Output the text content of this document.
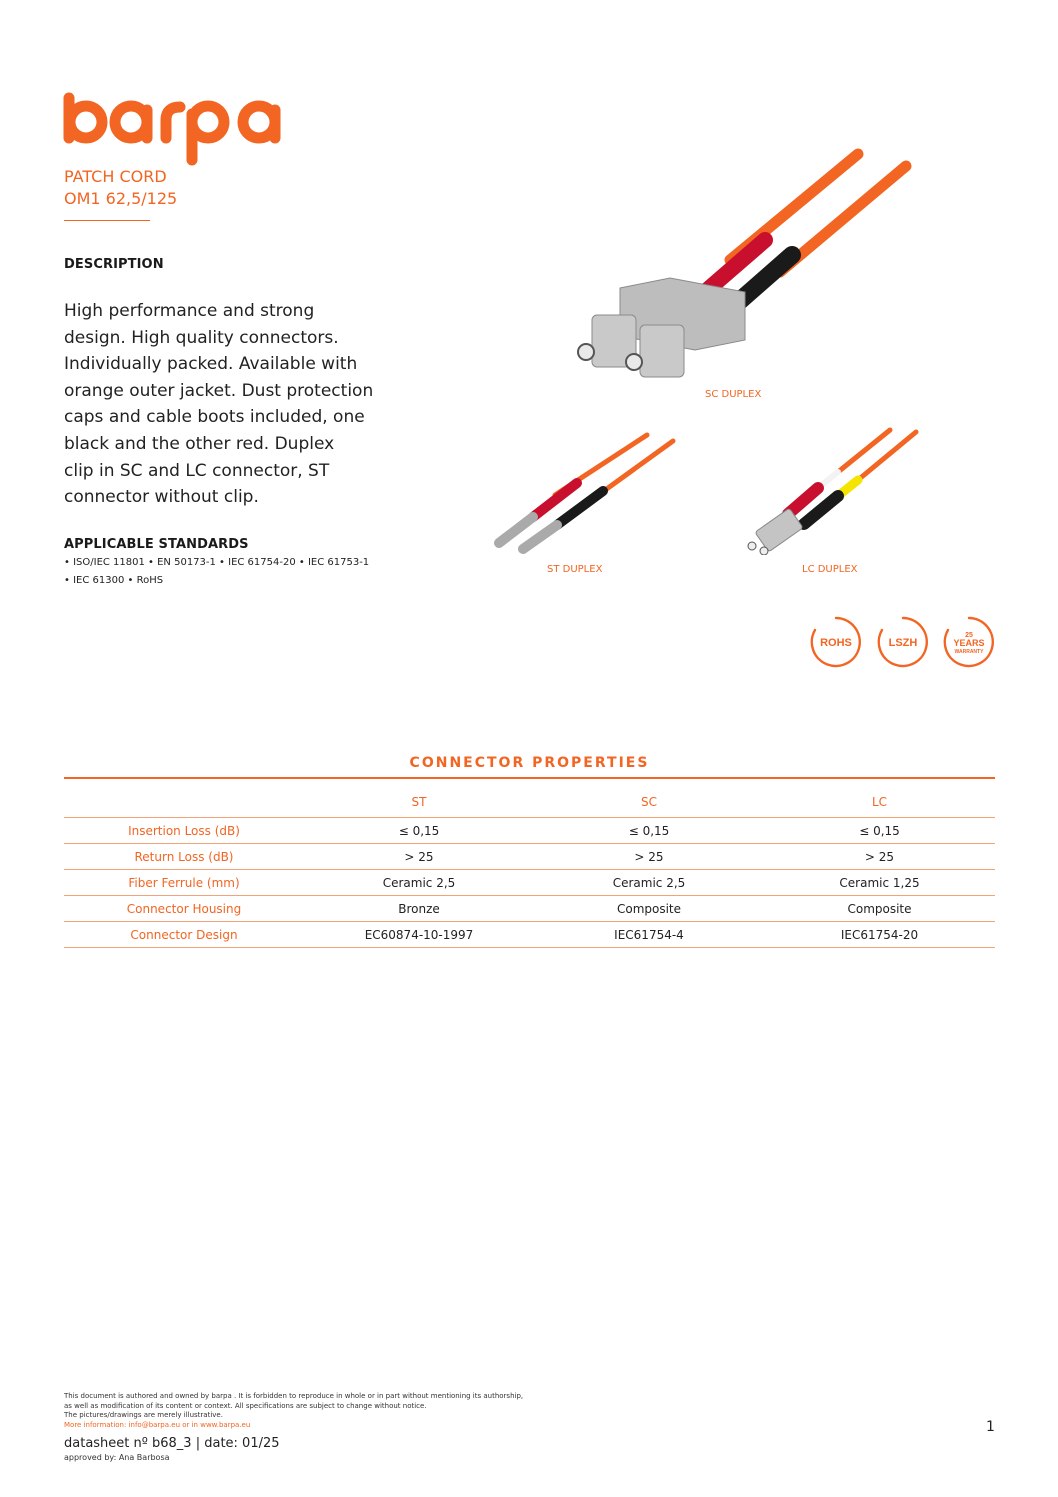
PATCH CORD
OM1 62,5/125
DESCRIPTION
High performance and strong
design. High quality connectors.
Individually packed. Available with
orange outer jacket. Dust protection
caps and cable boots included, one
black and the other red. Duplex
clip in SC and LC connector, ST
connector without clip.
APPLICABLE STANDARDS
• ISO/IEC 11801 • EN 50173-1 • IEC 61754-20 • IEC 61753-1
• IEC 61300 • RoHS
SC DUPLEX
ST DUPLEX	LC DUPLEX
ROHS	LSZH
25
YEARS
WARRANTY
CONNECTOR PROPERTIES
	ST	SC	LC
Insertion Loss (dB)	≤ 0,15	≤ 0,15	≤ 0,15
Return Loss (dB)	> 25	> 25	> 25
Fiber Ferrule (mm)	Ceramic 2,5	Ceramic 2,5	Ceramic 1,25
Connector Housing	Bronze	Composite	Composite
Connector Design	EC60874-10-1997	IEC61754-4	IEC61754-20
This document is authored and owned by barpa . It is forbidden to reproduce in whole or in part without mentioning its authorship,
as well as modification of its content or context. All specifications are subject to change without notice.
The pictures/drawings are merely illustrative.
More information: info@barpa.eu or in www.barpa.eu	1
datasheet nº b68_3 | date: 01/25
approved by: Ana Barbosa
